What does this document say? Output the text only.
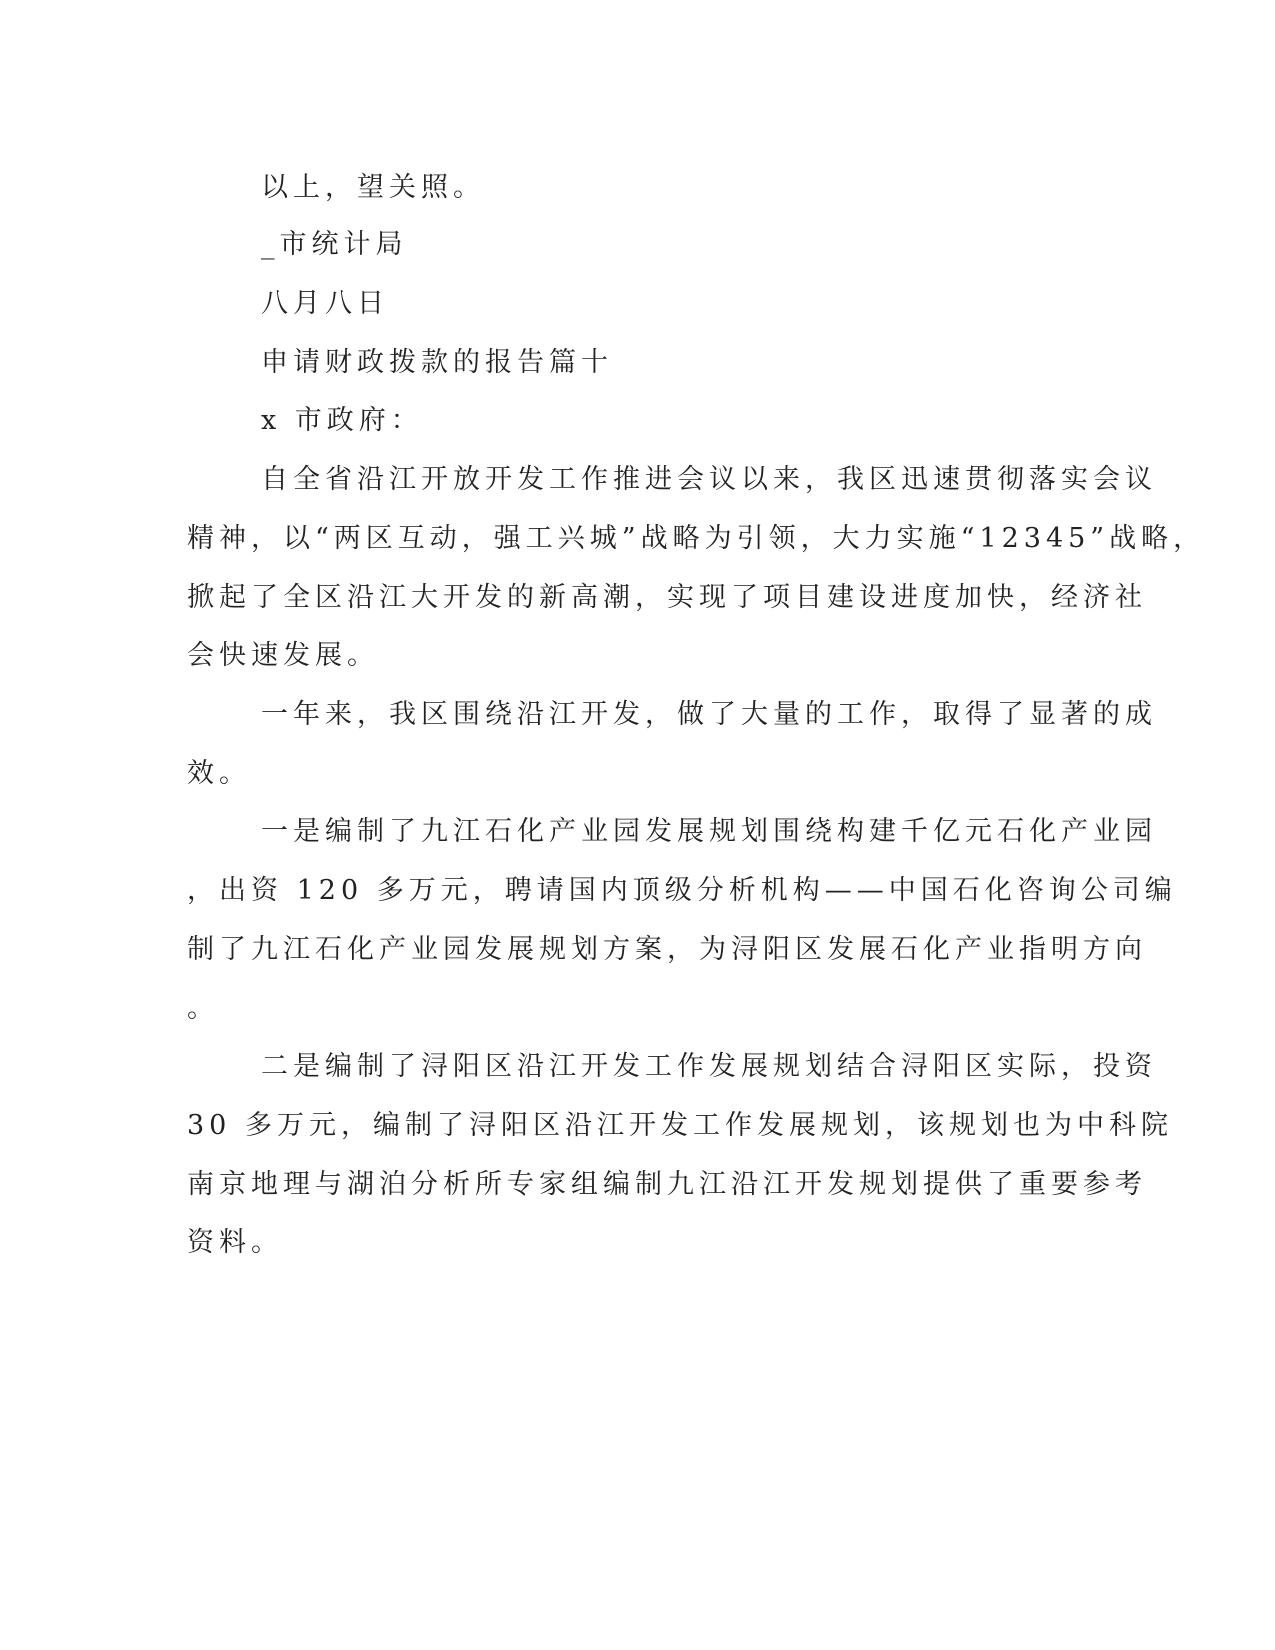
以上，望关照。
_市统计局
八月八日
申请财政拨款的报告篇十
x 市政府：
自全省沿江开放开发工作推进会议以来，我区迅速贯彻落实会议
精神，以“两区互动，强工兴城”战略为引领，大力实施“12345”战略，
掀起了全区沿江大开发的新高潮，实现了项目建设进度加快，经济社
会快速发展。
一年来，我区围绕沿江开发，做了大量的工作，取得了显著的成
效。
一是编制了九江石化产业园发展规划围绕构建千亿元石化产业园
，出资 120 多万元，聘请国内顶级分析机构——中国石化咨询公司编
制了九江石化产业园发展规划方案，为浔阳区发展石化产业指明方向
。
二是编制了浔阳区沿江开发工作发展规划结合浔阳区实际，投资
30 多万元，编制了浔阳区沿江开发工作发展规划，该规划也为中科院
南京地理与湖泊分析所专家组编制九江沿江开发规划提供了重要参考
资料。
